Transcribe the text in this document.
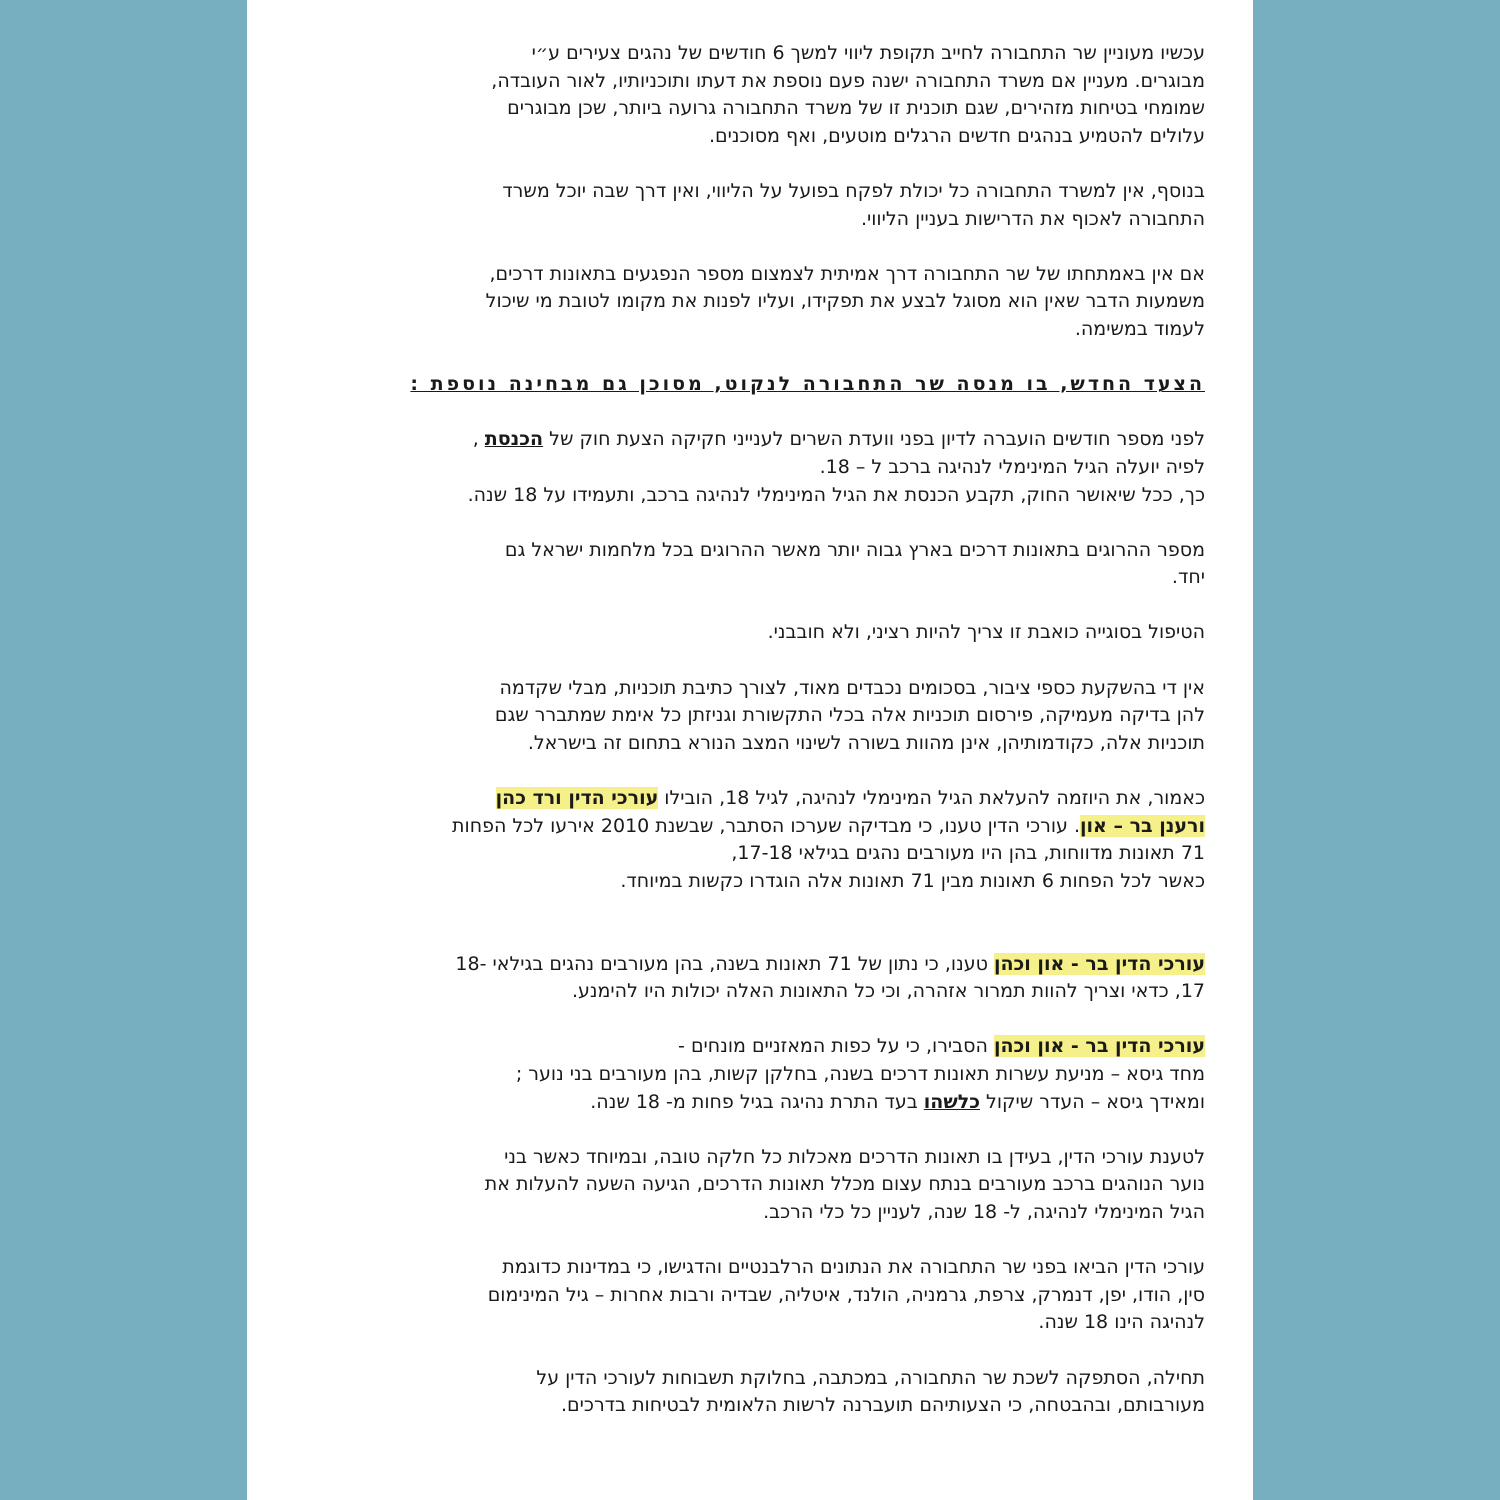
עכשיו מעוניין שר התחבורה לחייב תקופת ליווי למשך 6 חודשים של נהגים צעירים ע״י
מבוגרים. מעניין אם משרד התחבורה ישנה פעם נוספת את דעתו ותוכניותיו, לאור העובדה,
שמומחי בטיחות מזהירים, שגם תוכנית זו של משרד התחבורה גרועה ביותר, שכן מבוגרים
עלולים להטמיע בנהגים חדשים הרגלים מוטעים, ואף מסוכנים.

בנוסף, אין למשרד התחבורה כל יכולת לפקח בפועל על הליווי, ואין דרך שבה יוכל משרד
התחבורה לאכוף את הדרישות בעניין הליווי.

אם אין באמתחתו של שר התחבורה דרך אמיתית לצמצום מספר הנפגעים בתאונות דרכים,
משמעות הדבר שאין הוא מסוגל לבצע את תפקידו, ועליו לפנות את מקומו לטובת מי שיכול
לעמוד במשימה.

הצעד החדש, בו מנסה שר התחבורה לנקוט, מסוכן גם מבחינה נוספת :

לפני מספר חודשים הועברה לדיון בפני וועדת השרים לענייני חקיקה הצעת חוק של הכנסת ,
לפיה יועלה הגיל המינימלי לנהיגה ברכב ל – 18.
כך, ככל שיאושר החוק, תקבע הכנסת את הגיל המינימלי לנהיגה ברכב, ותעמידו על 18 שנה.

מספר ההרוגים בתאונות דרכים בארץ גבוה יותר מאשר ההרוגים בכל מלחמות ישראל גם
יחד.

הטיפול בסוגייה כואבת זו צריך להיות רציני, ולא חובבני.

אין די בהשקעת כספי ציבור, בסכומים נכבדים מאוד, לצורך כתיבת תוכניות, מבלי שקדמה
להן בדיקה מעמיקה, פירסום תוכניות אלה בכלי התקשורת וגניזתן כל אימת שמתברר שגם
תוכניות אלה, כקודמותיהן, אינן מהוות בשורה לשינוי המצב הנורא בתחום זה בישראל.

כאמור, את היוזמה להעלאת הגיל המינימלי לנהיגה, לגיל 18, הובילו עורכי הדין ורד כהן
ורענן בר – און. עורכי הדין טענו, כי מבדיקה שערכו הסתבר, שבשנת 2010 אירעו לכל הפחות
71 תאונות מדווחות, בהן היו מעורבים נהגים בגילאי 17-18,
כאשר לכל הפחות 6 תאונות מבין 71 תאונות אלה הוגדרו כקשות במיוחד.

עורכי הדין בר - און וכהן טענו, כי נתון של 71 תאונות בשנה, בהן מעורבים נהגים בגילאי -18
17, כדאי וצריך להוות תמרור אזהרה, וכי כל התאונות האלה יכולות היו להימנע.

עורכי הדין בר - און וכהן הסבירו, כי על כפות המאזניים מונחים -
מחד גיסא – מניעת עשרות תאונות דרכים בשנה, בחלקן קשות, בהן מעורבים בני נוער ;
ומאידך גיסא – העדר שיקול כלשהו בעד התרת נהיגה בגיל פחות מ- 18 שנה.

לטענת עורכי הדין, בעידן בו תאונות הדרכים מאכלות כל חלקה טובה, ובמיוחד כאשר בני
נוער הנוהגים ברכב מעורבים בנתח עצום מכלל תאונות הדרכים, הגיעה השעה להעלות את
הגיל המינימלי לנהיגה, ל- 18 שנה, לעניין כל כלי הרכב.

עורכי הדין הביאו בפני שר התחבורה את הנתונים הרלבנטיים והדגישו, כי במדינות כדוגמת
סין, הודו, יפן, דנמרק, צרפת, גרמניה, הולנד, איטליה, שבדיה ורבות אחרות – גיל המינימום
לנהיגה הינו 18 שנה.

תחילה, הסתפקה לשכת שר התחבורה, במכתבה, בחלוקת תשבוחות לעורכי הדין על
מעורבותם, ובהבטחה, כי הצעותיהם תועברנה לרשות הלאומית לבטיחות בדרכים.
